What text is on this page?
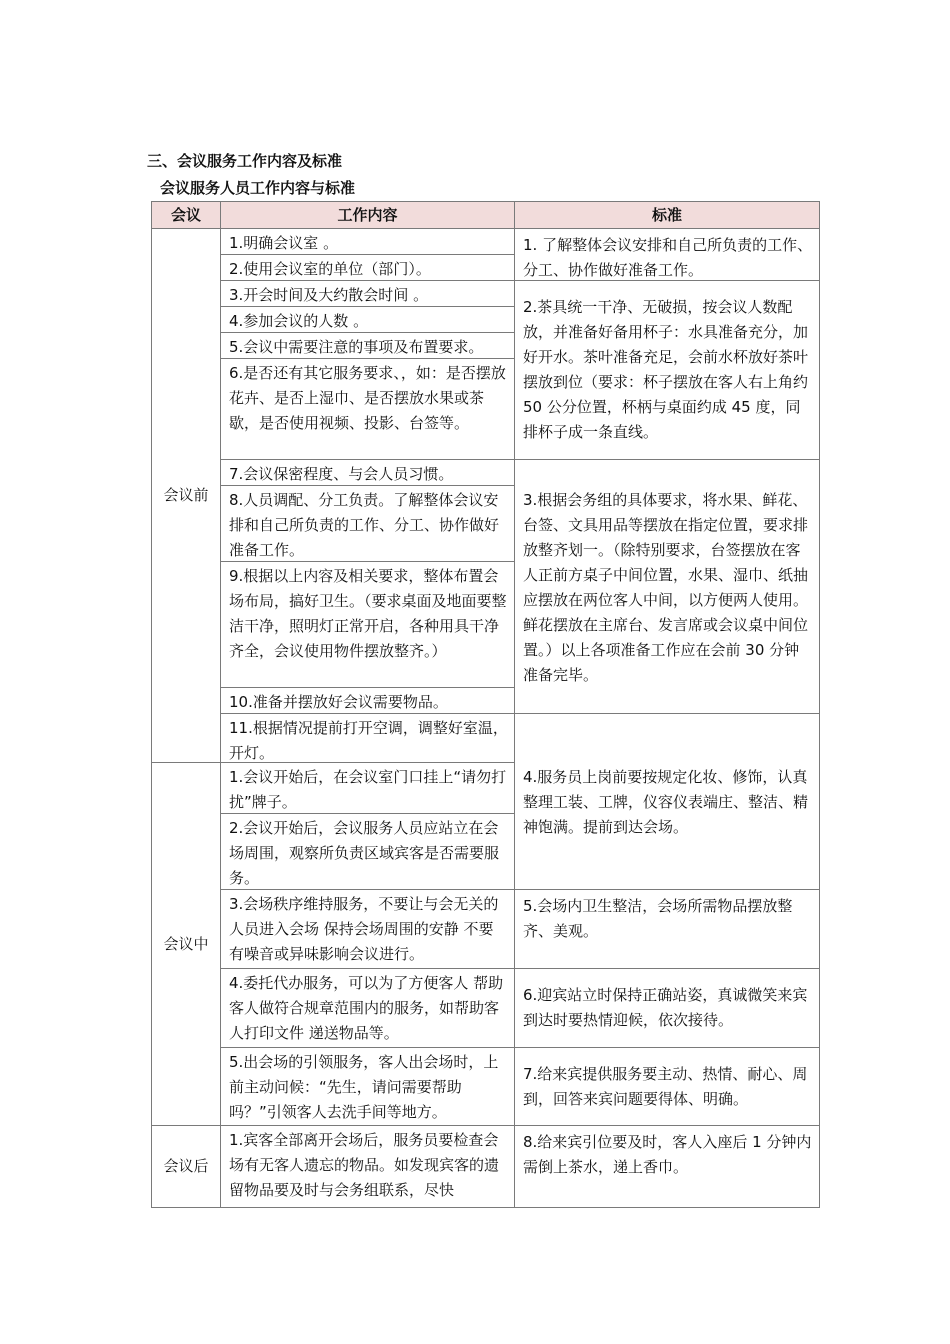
三、会议服务工作内容及标准
会议服务人员工作内容与标准
会议	工作内容	标准
会议前
会议中
会议后
1.明确会议室 。
2.使用会议室的单位（部门）。
3.开会时间及大约散会时间 。
4.参加会议的人数 。
5.会议中需要注意的事项及布置要求。
6.是否还有其它服务要求、，如：是否摆放花卉、是否上湿巾、是否摆放水果或茶歇，是否使用视频、投影、台签等。
7.会议保密程度、与会人员习惯。
8.人员调配、分工负责。了解整体会议安排和自己所负责的工作、分工、协作做好准备工作。
9.根据以上内容及相关要求，整体布置会场布局，搞好卫生。（要求桌面及地面要整洁干净，照明灯正常开启，各种用具干净齐全，会议使用物件摆放整齐。）
10.准备并摆放好会议需要物品。
11.根据情况提前打开空调，调整好室温，开灯。
1.会议开始后，在会议室门口挂上“请勿打扰”牌子。
2.会议开始后，会议服务人员应站立在会场周围，观察所负责区域宾客是否需要服务。
3.会场秩序维持服务，不要让与会无关的人员进入会场 保持会场周围的安静 不要有噪音或异味影响会议进行。
4.委托代办服务，可以为了方便客人 帮助客人做符合规章范围内的服务，如帮助客人打印文件 递送物品等。
5.出会场的引领服务，客人出会场时，上前主动问候：“先生，请问需要帮助吗？”引领客人去洗手间等地方。
1.宾客全部离开会场后，服务员要检查会场有无客人遗忘的物品。如发现宾客的遗留物品要及时与会务组联系，尽快
1. 了解整体会议安排和自己所负责的工作、分工、协作做好准备工作。
2.茶具统一干净、无破损，按会议人数配放，并准备好备用杯子：水具准备充分，加好开水。茶叶准备充足，会前水杯放好茶叶摆放到位（要求：杯子摆放在客人右上角约 50 公分位置，杯柄与桌面约成 45 度，同排杯子成一条直线。
3.根据会务组的具体要求，将水果、鲜花、台签、文具用品等摆放在指定位置，要求排放整齐划一。（除特别要求，台签摆放在客人正前方桌子中间位置，水果、湿巾、纸抽应摆放在两位客人中间，以方便两人使用。鲜花摆放在主席台、发言席或会议桌中间位置。）以上各项准备工作应在会前 30 分钟准备完毕。
4.服务员上岗前要按规定化妆、修饰，认真整理工装、工牌，仪容仪表端庄、整洁、精神饱满。提前到达会场。
5.会场内卫生整洁，会场所需物品摆放整齐、美观。
6.迎宾站立时保持正确站姿，真诚微笑来宾到达时要热情迎候，依次接待。
7.给来宾提供服务要主动、热情、耐心、周到，回答来宾问题要得体、明确。
8.给来宾引位要及时，客人入座后 1 分钟内需倒上茶水，递上香巾。
